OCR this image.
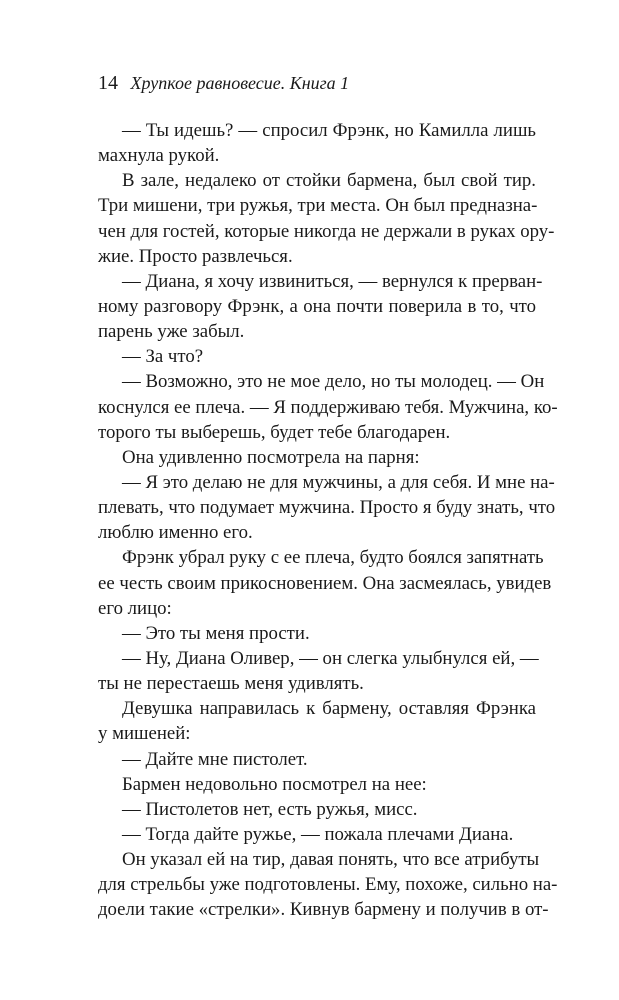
14 Хрупкое равновесие. Книга 1
— Ты идешь? — спросил Фрэнк, но Камилла лишь
махнула рукой.
В зале, недалеко от стойки бармена, был свой тир.
Три мишени, три ружья, три места. Он был предназна-
чен для гостей, которые никогда не держали в руках ору-
жие. Просто развлечься.
— Диана, я хочу извиниться, — вернулся к прерван-
ному разговору Фрэнк, а она почти поверила в то, что
парень уже забыл.
— За что?
— Возможно, это не мое дело, но ты молодец. — Он
коснулся ее плеча. — Я поддерживаю тебя. Мужчина, ко-
торого ты выберешь, будет тебе благодарен.
Она удивленно посмотрела на парня:
— Я это делаю не для мужчины, а для себя. И мне на-
плевать, что подумает мужчина. Просто я буду знать, что
люблю именно его.
Фрэнк убрал руку с ее плеча, будто боялся запятнать
ее честь своим прикосновением. Она засмеялась, увидев
его лицо:
— Это ты меня прости.
— Ну, Диана Оливер, — он слегка улыбнулся ей, —
ты не перестаешь меня удивлять.
Девушка направилась к бармену, оставляя Фрэнка
у мишеней:
— Дайте мне пистолет.
Бармен недовольно посмотрел на нее:
— Пистолетов нет, есть ружья, мисс.
— Тогда дайте ружье, — пожала плечами Диана.
Он указал ей на тир, давая понять, что все атрибуты
для стрельбы уже подготовлены. Ему, похоже, сильно на-
доели такие «стрелки». Кивнув бармену и получив в от-
